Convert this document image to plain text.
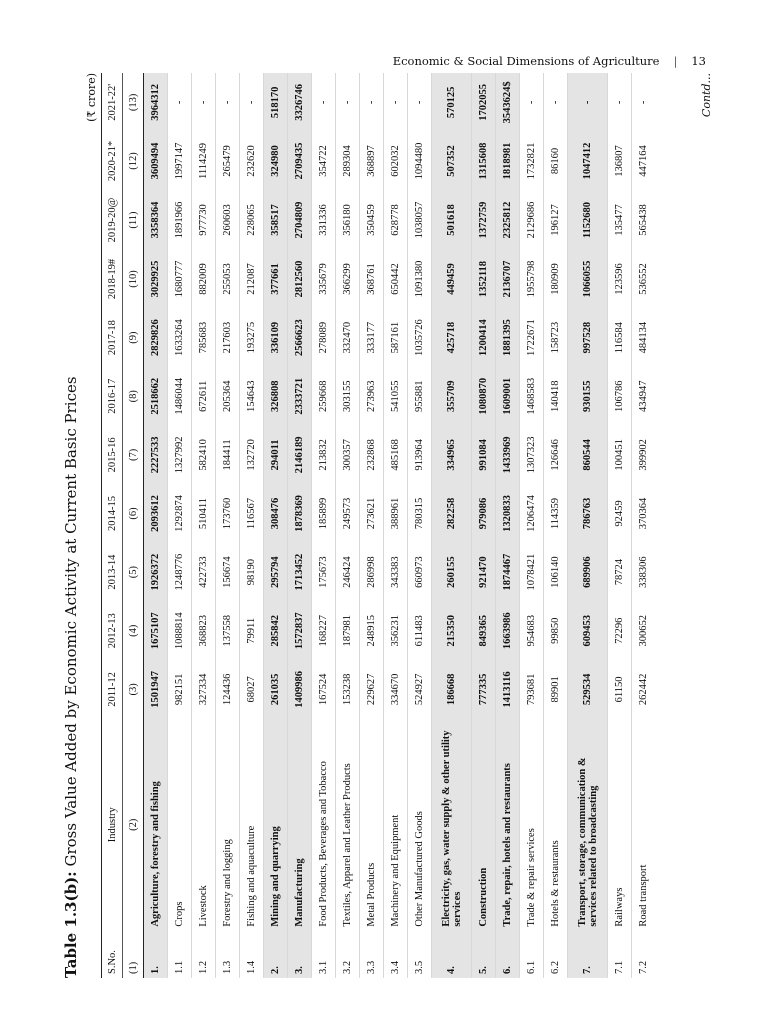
Economic & Social Dimensions of Agriculture | 13
Table 1.3(b): Gross Value Added by Economic Activity at Current Basic Prices
(₹ crore)
S.No.	Industry	2011-12	2012-13	2013-14	2014-15	2015-16	2016-17	2017-18	2018-19#	2019-20@	2020-21*	2021-22'
(1)	(2)	(3)	(4)	(5)	(6)	(7)	(8)	(9)	(10)	(11)	(12)	(13)
1.	Agriculture, forestry and fishing	1501947	1675107	1926372	2093612	2227533	2518662	2829826	3029925	3358364	3609494	3964312
1.1	Crops	982151	1088814	1248776	1292874	1327992	1486044	1633264	1680777	1891966	1997147	-
1.2	Livestock	327334	368823	422733	510411	582410	672611	785683	882009	977730	1114249	-
1.3	Forestry and logging	124436	137558	156674	173760	184411	205364	217603	255053	260603	265479	-
1.4	Fishing and aquaculture	68027	79911	98190	116567	132720	154643	193275	212087	228065	232620	-
2.	Mining and quarrying	261035	285842	295794	308476	294011	326808	336109	377661	358517	324980	518170
3.	Manufacturing	1409986	1572837	1713452	1878369	2146189	2333721	2566623	2812560	2704809	2709435	3326746
3.1	Food Products, Beverages and Tobacco	167524	168227	175673	185899	213832	259668	278089	335679	331336	354722	-
3.2	Textiles, Apparel and Leather Products	153238	187981	246424	249573	300357	303155	332470	366299	356180	289304	-
3.3	Metal Products	229627	248915	286998	273621	232868	273963	333177	368761	350459	368897	-
3.4	Machinery and Equipment	334670	356231	343383	388961	485168	541055	587161	650442	628778	602032	-
3.5	Other Manufactured Goods	524927	611483	660973	780315	913964	955881	1035726	1091380	1038057	1094480	-
4.	Electricity, gas, water supply & other utility services	186668	215350	260155	282258	334965	355709	425718	449459	501618	507352	570125
5.	Construction	777335	849365	921470	979086	991084	1080870	1200414	1352118	1372759	1315608	1702055
6.	Trade, repair, hotels and restaurants	1413116	1663986	1874467	1320833	1433969	1609001	1881395	2136707	2325812	1818981	3543624$
6.1	Trade & repair services	793681	954683	1078421	1206474	1307323	1468583	1722671	1955798	2129686	1732821	-
6.2	Hotels & restaurants	89901	99850	106140	114359	126646	140418	158723	180909	196127	86160	-
7.	Transport, storage, communication & services related to broadcasting	529534	609453	689906	786763	860544	930155	997528	1066055	1152680	1047412	-
7.1	Railways	61150	72296	78724	92459	100451	106786	116584	123596	135477	136807	-
7.2	Road transport	262442	300652	338306	370364	399902	434947	484134	536552	565438	447164	-	Contd...
